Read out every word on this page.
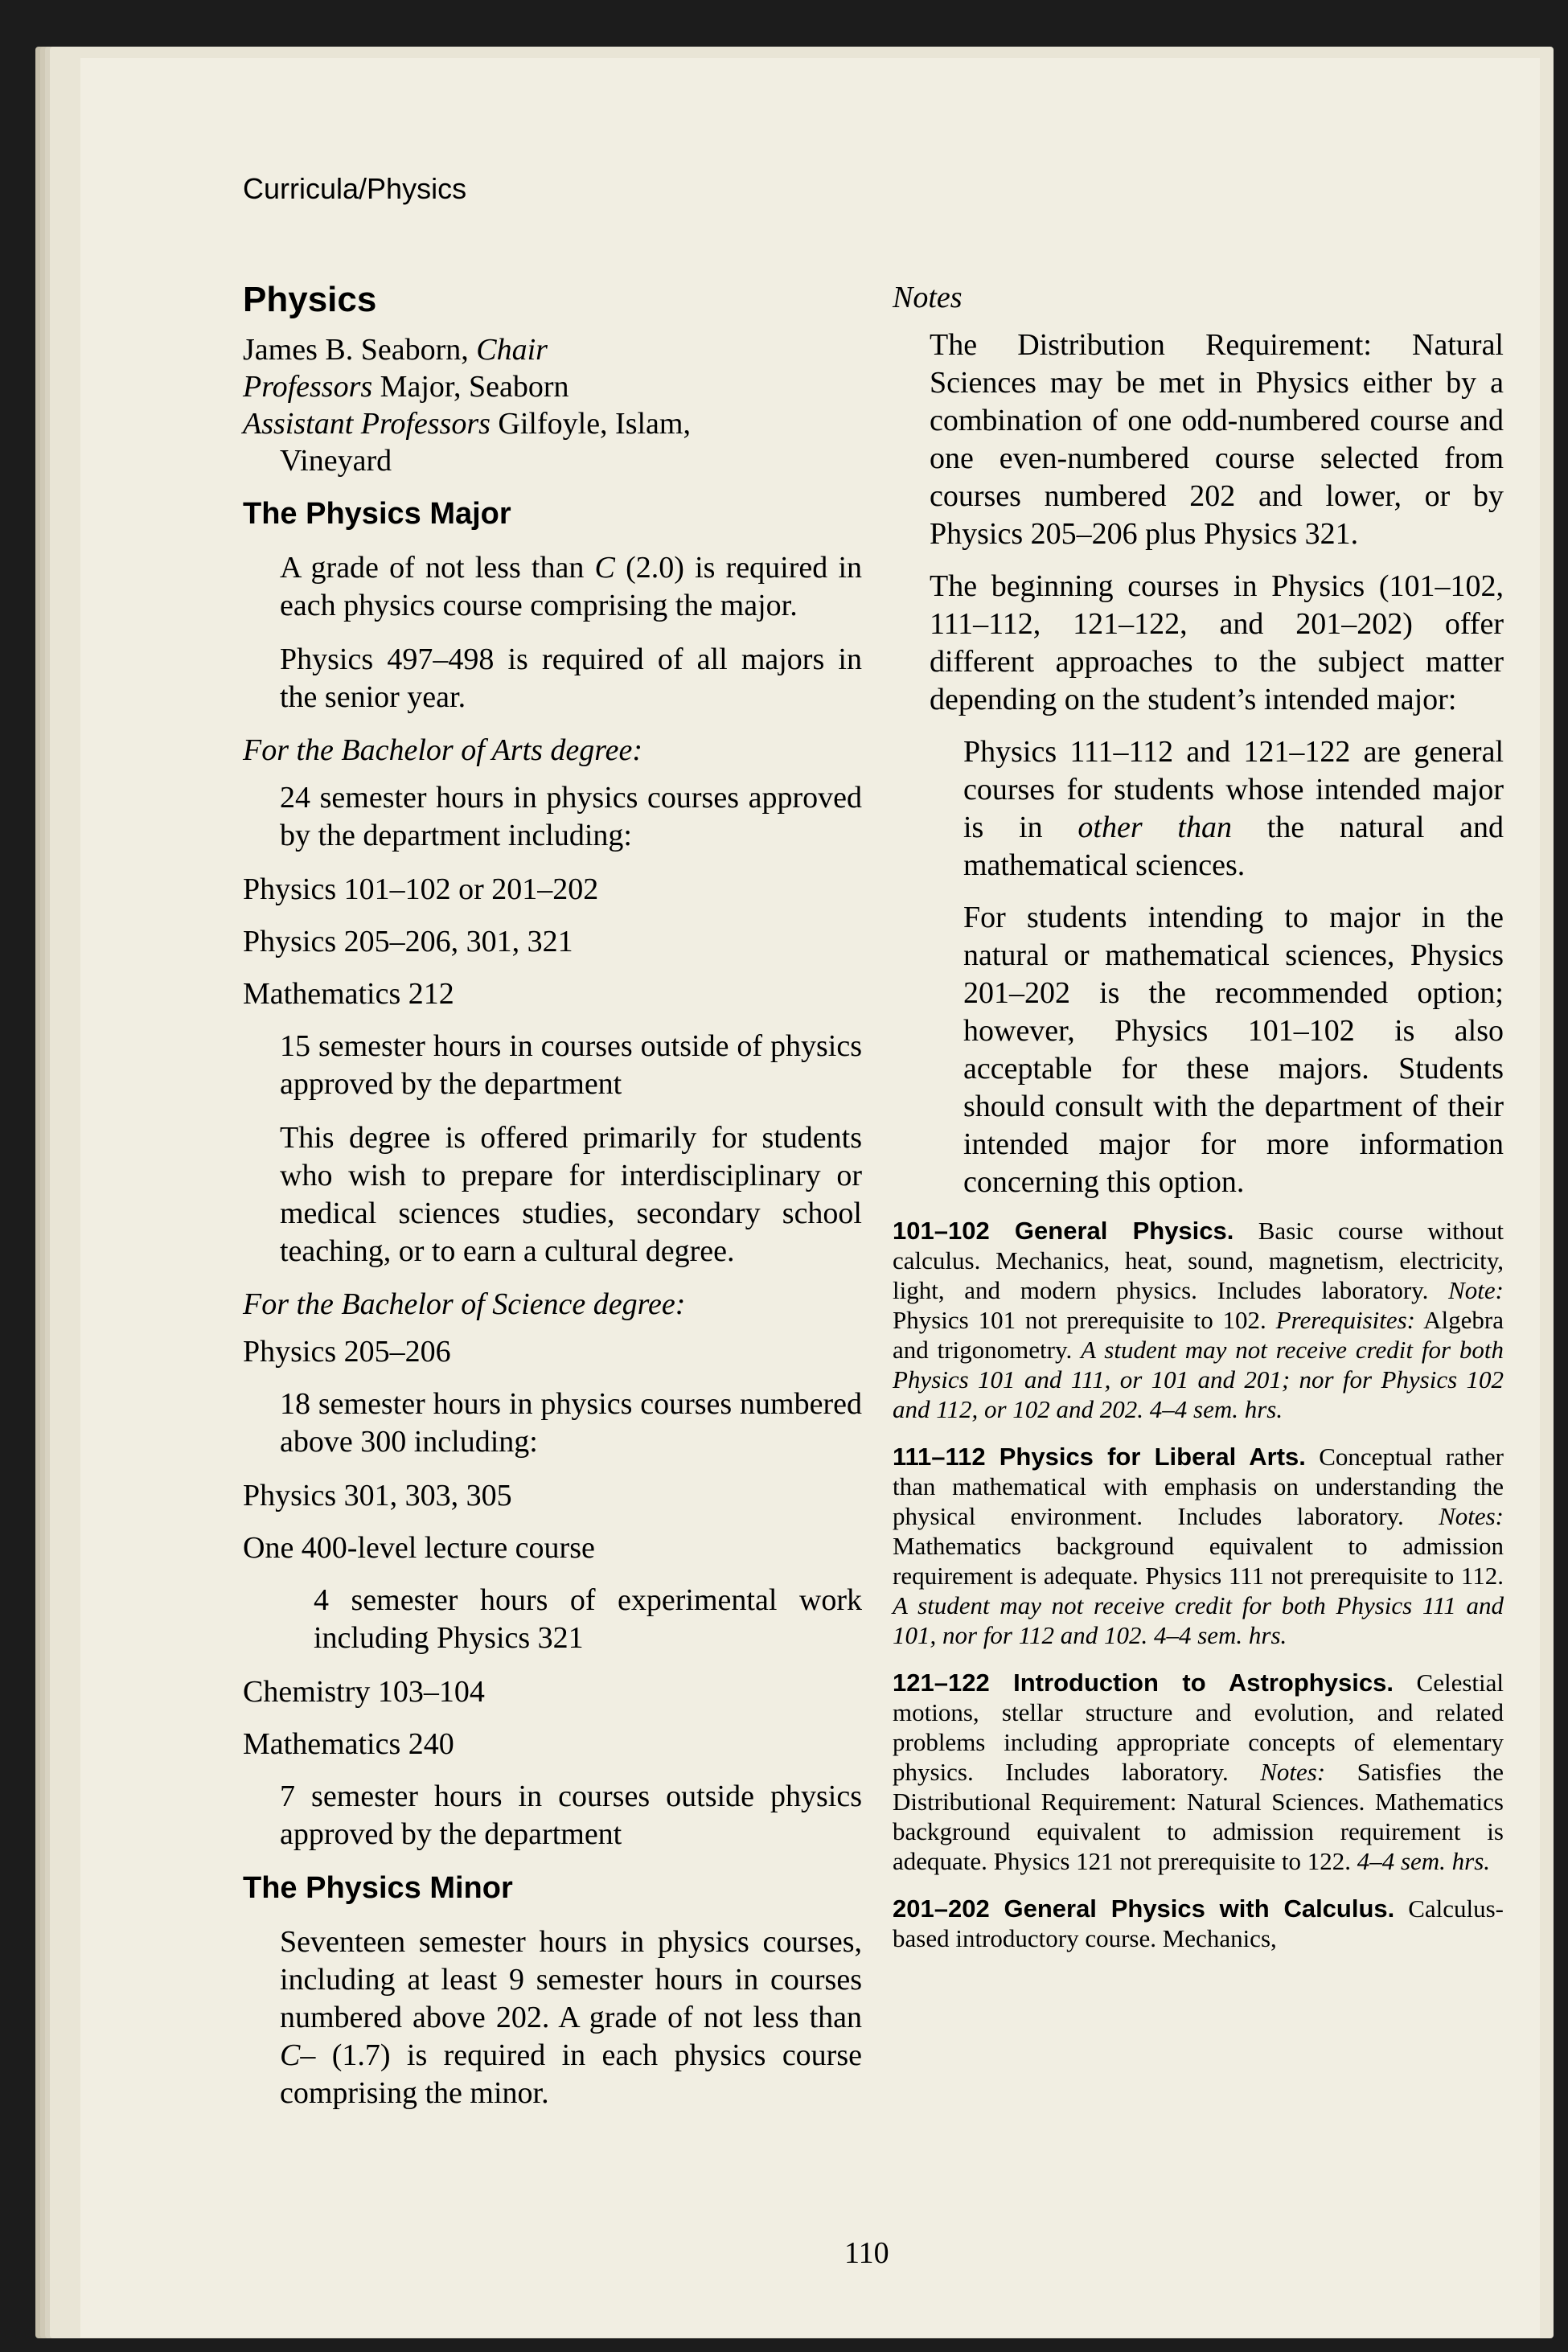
Curricula/Physics
Physics
James B. Seaborn, Chair
Professors Major, Seaborn
Assistant Professors Gilfoyle, Islam,
Vineyard
The Physics Major

A grade of not less than C (2.0) is required in each physics course comprising the major.

Physics 497–498 is required of all majors in the senior year.

For the Bachelor of Arts degree:

24 semester hours in physics courses approved by the department including:

Physics 101–102 or 201–202

Physics 205–206, 301, 321

Mathematics 212

15 semester hours in courses outside of physics approved by the department

This degree is offered primarily for students who wish to prepare for interdisciplinary or medical sciences studies, secondary school teaching, or to earn a cultural degree.

For the Bachelor of Science degree:

Physics 205–206

18 semester hours in physics courses numbered above 300 including:

Physics 301, 303, 305

One 400-level lecture course

4 semester hours of experimental work including Physics 321

Chemistry 103–104

Mathematics 240

7 semester hours in courses outside physics approved by the department

The Physics Minor

Seventeen semester hours in physics courses, including at least 9 semester hours in courses numbered above 202. A grade of not less than C– (1.7) is required in each physics course comprising the minor.

Notes

The Distribution Requirement: Natural Sciences may be met in Physics either by a combination of one odd-numbered course and one even-numbered course selected from courses numbered 202 and lower, or by Physics 205–206 plus Physics 321.

The beginning courses in Physics (101–102, 111–112, 121–122, and 201–202) offer different approaches to the subject matter depending on the student’s intended major:

Physics 111–112 and 121–122 are general courses for students whose intended major is in other than the natural and mathematical sciences.

For students intending to major in the natural or mathematical sciences, Physics 201–202 is the recommended option; however, Physics 101–102 is also acceptable for these majors. Students should consult with the department of their intended major for more information concerning this option.

101–102 General Physics. Basic course without calculus. Mechanics, heat, sound, magnetism, electricity, light, and modern physics. Includes laboratory. Note: Physics 101 not prerequisite to 102. Prerequisites: Algebra and trigonometry. A student may not receive credit for both Physics 101 and 111, or 101 and 201; nor for Physics 102 and 112, or 102 and 202. 4–4 sem. hrs.

111–112 Physics for Liberal Arts. Conceptual rather than mathematical with emphasis on understanding the physical environment. Includes laboratory. Notes: Mathematics background equivalent to admission requirement is adequate. Physics 111 not prerequisite to 112. A student may not receive credit for both Physics 111 and 101, nor for 112 and 102. 4–4 sem. hrs.

121–122 Introduction to Astrophysics. Celestial motions, stellar structure and evolution, and related problems including appropriate concepts of elementary physics. Includes laboratory. Notes: Satisfies the Distributional Requirement: Natural Sciences. Mathematics background equivalent to admission requirement is adequate. Physics 121 not prerequisite to 122. 4–4 sem. hrs.

201–202 General Physics with Calculus. Calculus-based introductory course. Mechanics,

110
